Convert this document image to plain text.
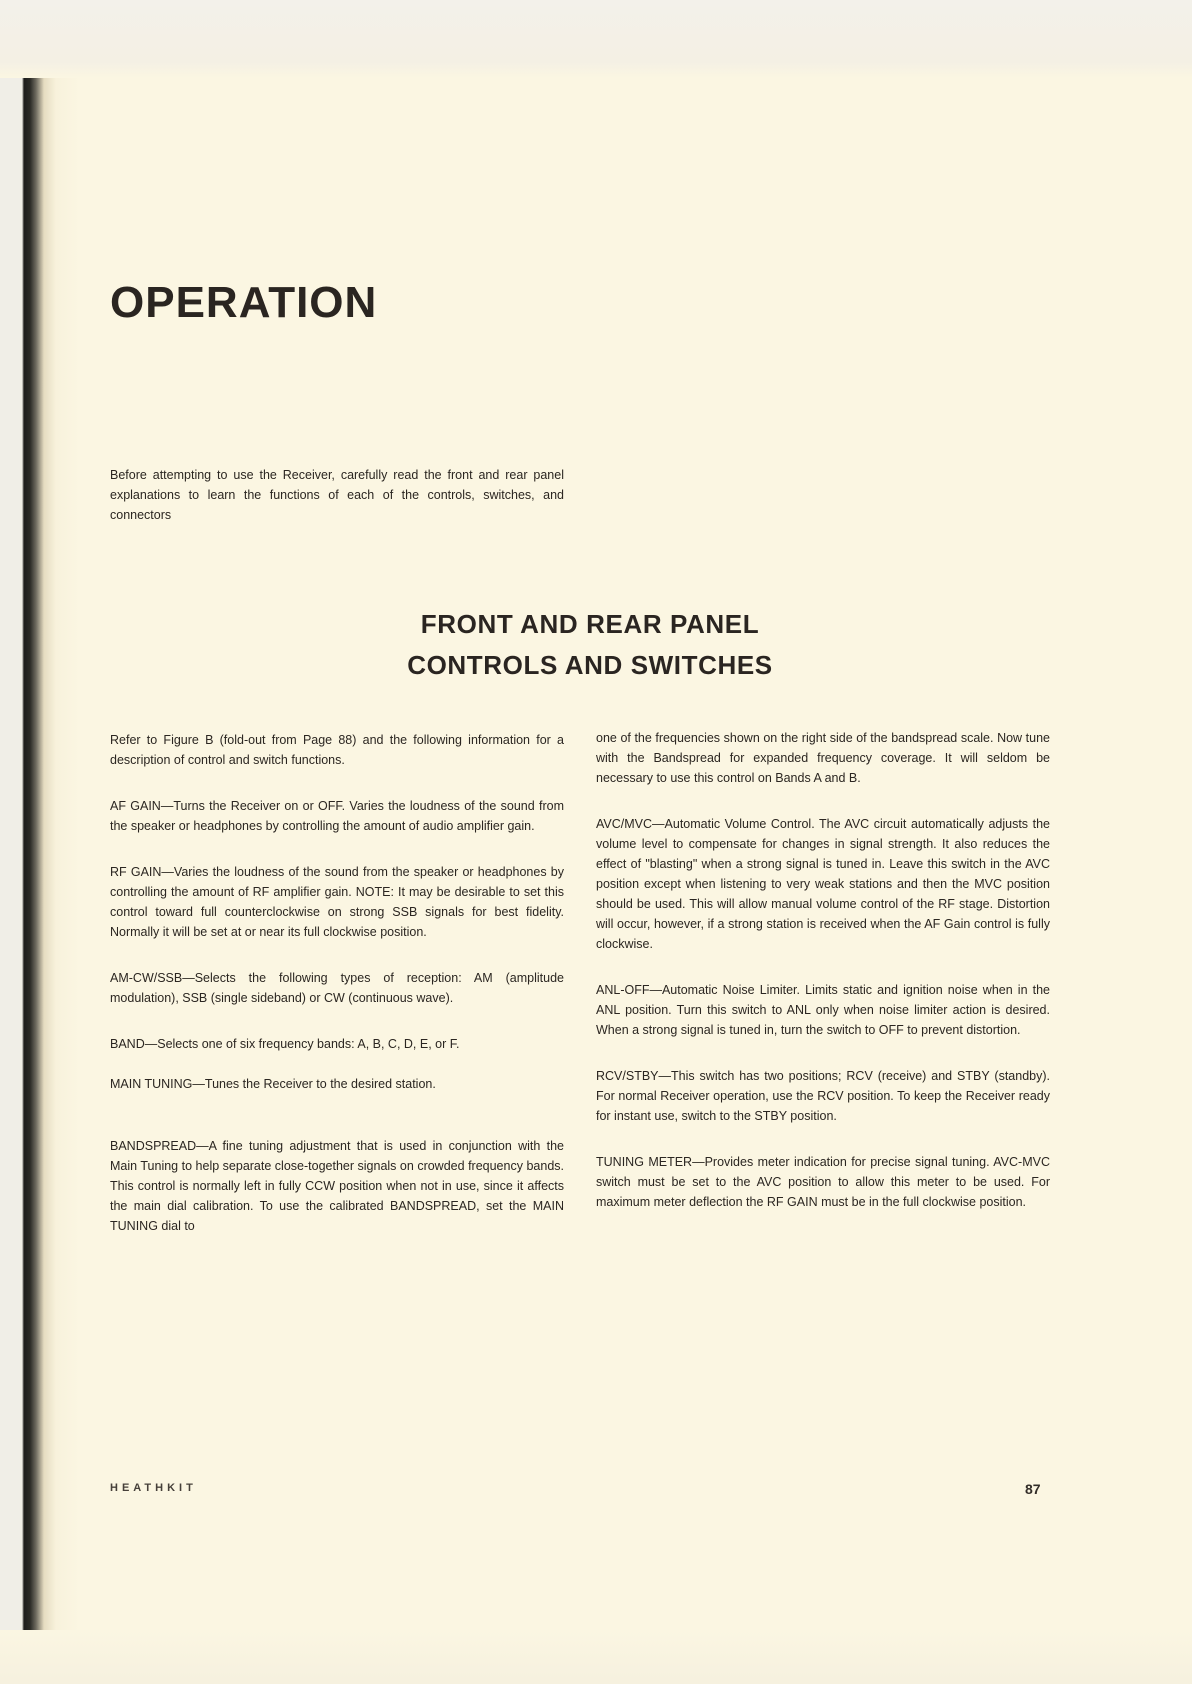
OPERATION

Before attempting to use the Receiver, carefully read the front and rear panel explanations to learn the functions of each of the controls, switches, and connectors

FRONT AND REAR PANEL
CONTROLS AND SWITCHES

Refer to Figure B (fold-out from Page 88) and the following information for a description of control and switch functions.

AF GAIN—Turns the Receiver on or OFF. Varies the loudness of the sound from the speaker or headphones by controlling the amount of audio amplifier gain.

RF GAIN—Varies the loudness of the sound from the speaker or headphones by controlling the amount of RF amplifier gain. NOTE: It may be desirable to set this control toward full counterclockwise on strong SSB signals for best fidelity. Normally it will be set at or near its full clockwise position.

AM-CW/SSB—Selects the following types of reception: AM (amplitude modulation), SSB (single sideband) or CW (continuous wave).

BAND—Selects one of six frequency bands: A, B, C, D, E, or F.

MAIN TUNING—Tunes the Receiver to the desired station.

BANDSPREAD—A fine tuning adjustment that is used in conjunction with the Main Tuning to help separate close-together signals on crowded frequency bands. This control is normally left in fully CCW position when not in use, since it affects the main dial calibration. To use the calibrated BANDSPREAD, set the MAIN TUNING dial to

one of the frequencies shown on the right side of the bandspread scale. Now tune with the Bandspread for expanded frequency coverage. It will seldom be necessary to use this control on Bands A and B.

AVC/MVC—Automatic Volume Control. The AVC circuit automatically adjusts the volume level to compensate for changes in signal strength. It also reduces the effect of "blasting" when a strong signal is tuned in. Leave this switch in the AVC position except when listening to very weak stations and then the MVC position should be used. This will allow manual volume control of the RF stage. Distortion will occur, however, if a strong station is received when the AF Gain control is fully clockwise.

ANL-OFF—Automatic Noise Limiter. Limits static and ignition noise when in the ANL position. Turn this switch to ANL only when noise limiter action is desired. When a strong signal is tuned in, turn the switch to OFF to prevent distortion.

RCV/STBY—This switch has two positions; RCV (receive) and STBY (standby). For normal Receiver operation, use the RCV position. To keep the Receiver ready for instant use, switch to the STBY position.

TUNING METER—Provides meter indication for precise signal tuning. AVC-MVC switch must be set to the AVC position to allow this meter to be used. For maximum meter deflection the RF GAIN must be in the full clockwise position.

HEATHKIT	87
